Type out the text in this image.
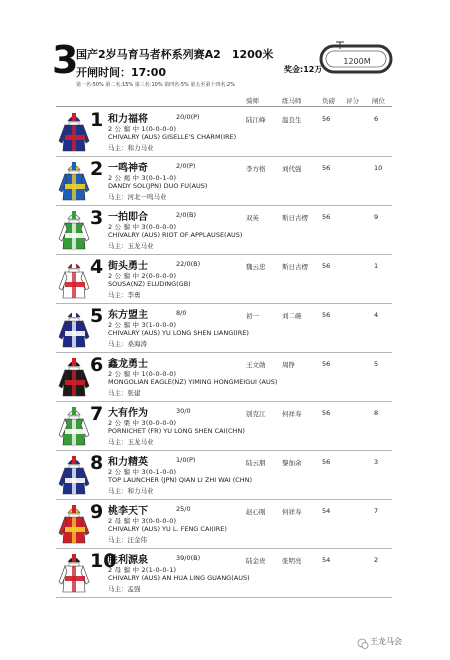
3
国产2岁马育马者杯系列赛A2　1200米
开闸时间：17:00	奖金:12万
第一名:50% 第二名:15% 第三名:10% 第四名:5% 第五至第十四名:2%
1200M
骑师	练马师	负磅 评分 闸位
1 和力福将	20/0(P)
2 公 骝 中 1(0-0-0-0)
CHIVALRY (AUS) GISELLE'S CHARM(IRE)
马主：和力马业
陆江峰	温良生	56	6
2 一鸣神奇	2/0(P)
2 公 褐 中 3(0-0-1-0)
DANDY SOL(JPN) DUO FU(AUS)
马主：河北一鸣马业
李方格	刘代强	56	10
3 一拍即合	2/0(B)
2 公 骝 中 3(0-0-0-0)
CHIVALRY (AUS) RIOT OF APPLAUSE(AUS)
马主：玉龙马业
双英	斯日古楞 56	9
4 街头勇士	22/0(B)
2 公 骝 中 2(0-0-0-0)
SOUSA(NZ) ELUDING(GB)
马主：李勇
魏云忠	斯日古楞 56	1
5 东方盟主	8/0
2 公 骝 中 3(1-0-0-0)
CHIVALRY (AUS) YU LONG SHEN LIANG(IRE)
马主：桑海涛
初一	刘二碗	56	4
6 鑫龙勇士
2 公 骝 中 1(0-0-0-0)
MONGOLIAN EAGLE(NZ) YIMING HONGMEIGUI (AUS)
马主：张建
王文勋	周铮	56	5
7 大有作为	30/0
2 公 栗 中 3(0-0-0-0)
PORNICHET (FR) YU LONG SHEN CAI(CHN)
马主：玉龙马业
别克江	何祥寿	56	8
8 和力精英	1/0(P)
2 公 骝 中 3(0-1-0-0)
TOP LAUNCHER (JPN) QIAN LI ZHI WAI (CHN)
马主：和力马业
陆云朋	黎加余	56	3
9 桃李天下	25/0
2 母 骝 中 3(0-0-0-0)
CHIVALRY (AUS) YU L. FENG CAI(IRE)
马主：汪金伟
赵心刚	何祥寿	54	7
10
胜利源泉	39/0(B)
2 母 骝 中 2(1-0-0-1)
CHIVALRY (AUS) AN HUA LING GUANG(AUS)
马主：孟强
陆金贵	张明亮	54	2
王龙马会
